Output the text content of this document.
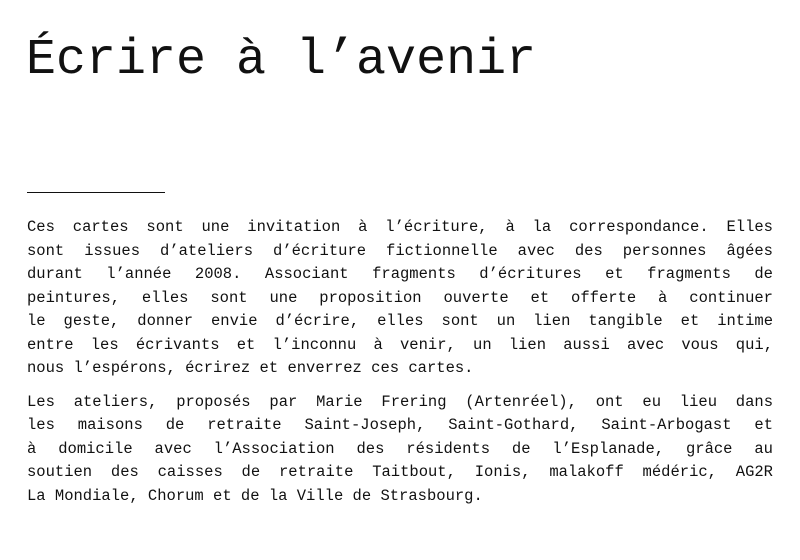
Écrire à l’avenir

Ces cartes sont une invitation à l’écriture, à la correspondance. Elles
sont issues d’ateliers d’écriture fictionnelle avec des personnes âgées
durant l’année 2008. Associant fragments d’écritures et fragments de
peintures, elles sont une proposition ouverte et offerte à continuer
le geste, donner envie d’écrire, elles sont un lien tangible et intime
entre les écrivants et l’inconnu à venir, un lien aussi avec vous qui,
nous l’espérons, écrirez et enverrez ces cartes.

Les ateliers, proposés par Marie Frering (Artenréel), ont eu lieu dans
les maisons de retraite Saint-Joseph, Saint-Gothard, Saint-Arbogast et
à domicile avec l’Association des résidents de l’Esplanade, grâce au
soutien des caisses de retraite Taitbout, Ionis, malakoff médéric, AG2R
La Mondiale, Chorum et de la Ville de Strasbourg.
